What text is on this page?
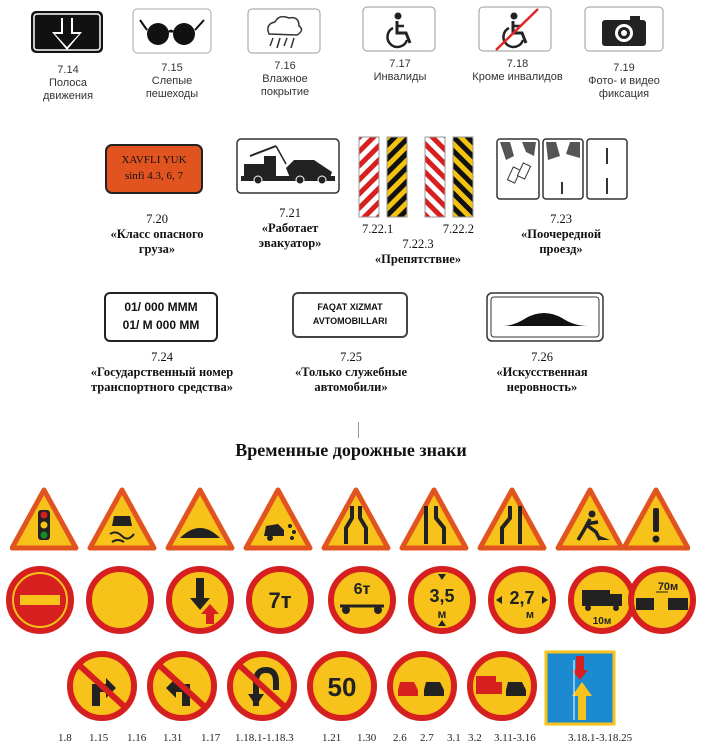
7.14
Полоса
движения
7.15
Слепые
пешеходы
7.16
Влажное
покрытие
7.17
Инвалиды
7.18
Кроме инвалидов
7.19
Фото- и видео
фиксация
XAVFLI YUK
sinfi 4.3, 6, 7
7.20
«Класс опасного
груза»
7.21
«Работает
эвакуатор»
7.22.1	7.22.2
7.22.3
«Препятствие»
7.23
«Поочередной
проезд»
01/ 000 MMM
01/ M 000 MM
FAQAT XIZMAT
AVTOMOBILLARI
7.24
«Государственный номер
транспортного средства»
7.25
«Только служебные
автомобили»
7.26
«Искусственная
неровность»
Временные дорожные знаки
7т	6т	3,5
м
2,7
м
10м
70м
50
1.8 1.15 1.16 1.31 1.17 1.18.1-1.18.3	1.21 1.30 2.6 2.7 3.1 3.2 3.11-3.16	3.18.1-3.18.25
